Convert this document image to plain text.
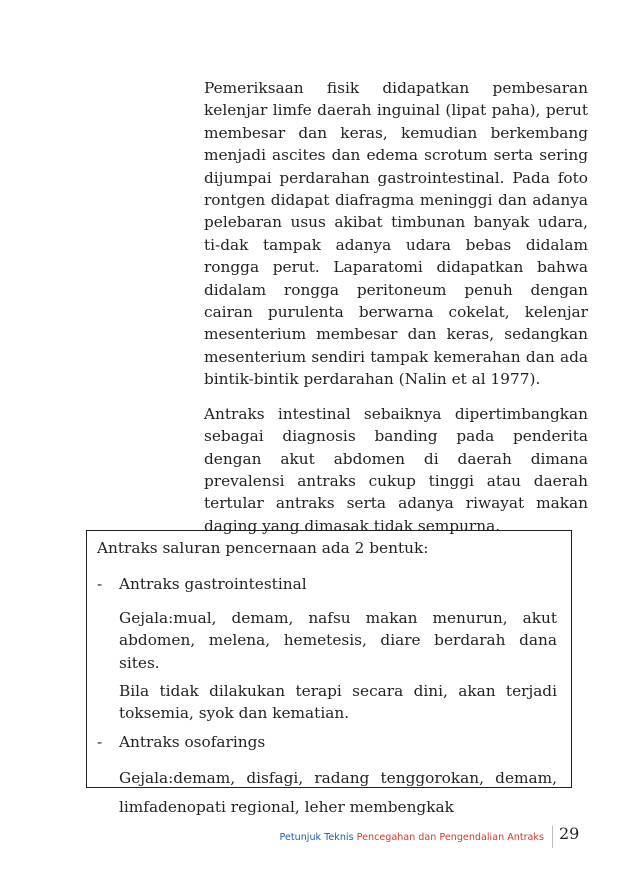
Pemeriksaan fisik didapatkan pembesaran kelenjar limfe daerah inguinal (lipat paha), perut membesar dan keras, kemudian berkembang menjadi ascites dan edema scrotum serta sering dijumpai perdarahan gastrointestinal. Pada foto rontgen didapat diafragma meninggi dan adanya pelebaran usus akibat timbunan banyak udara, ti-dak tampak adanya udara bebas didalam rongga perut. Laparatomi didapatkan bahwa didalam rongga peritoneum penuh dengan cairan purulenta berwarna cokelat, kelenjar mesenterium membesar dan keras, sedangkan mesenterium sendiri tampak kemerahan dan ada bintik-bintik perdarahan (Nalin et al 1977).

Antraks intestinal sebaiknya dipertimbangkan sebagai diagnosis banding pada penderita dengan akut abdomen di daerah dimana prevalensi antraks cukup tinggi atau daerah tertular antraks serta adanya riwayat makan daging yang dimasak tidak sempurna.

Antraks saluran pencernaan ada 2 bentuk:

- Antraks gastrointestinal

Gejala:mual, demam, nafsu makan menurun, akut abdomen, melena, hemetesis, diare berdarah dana sites.

Bila tidak dilakukan terapi secara dini, akan terjadi toksemia, syok dan kematian.

- Antraks osofarings

Gejala:demam, disfagi, radang tenggorokan, demam, limfadenopati regional, leher membengkak

Petunjuk Teknis Pencegahan dan Pengendalian Antraks 29
